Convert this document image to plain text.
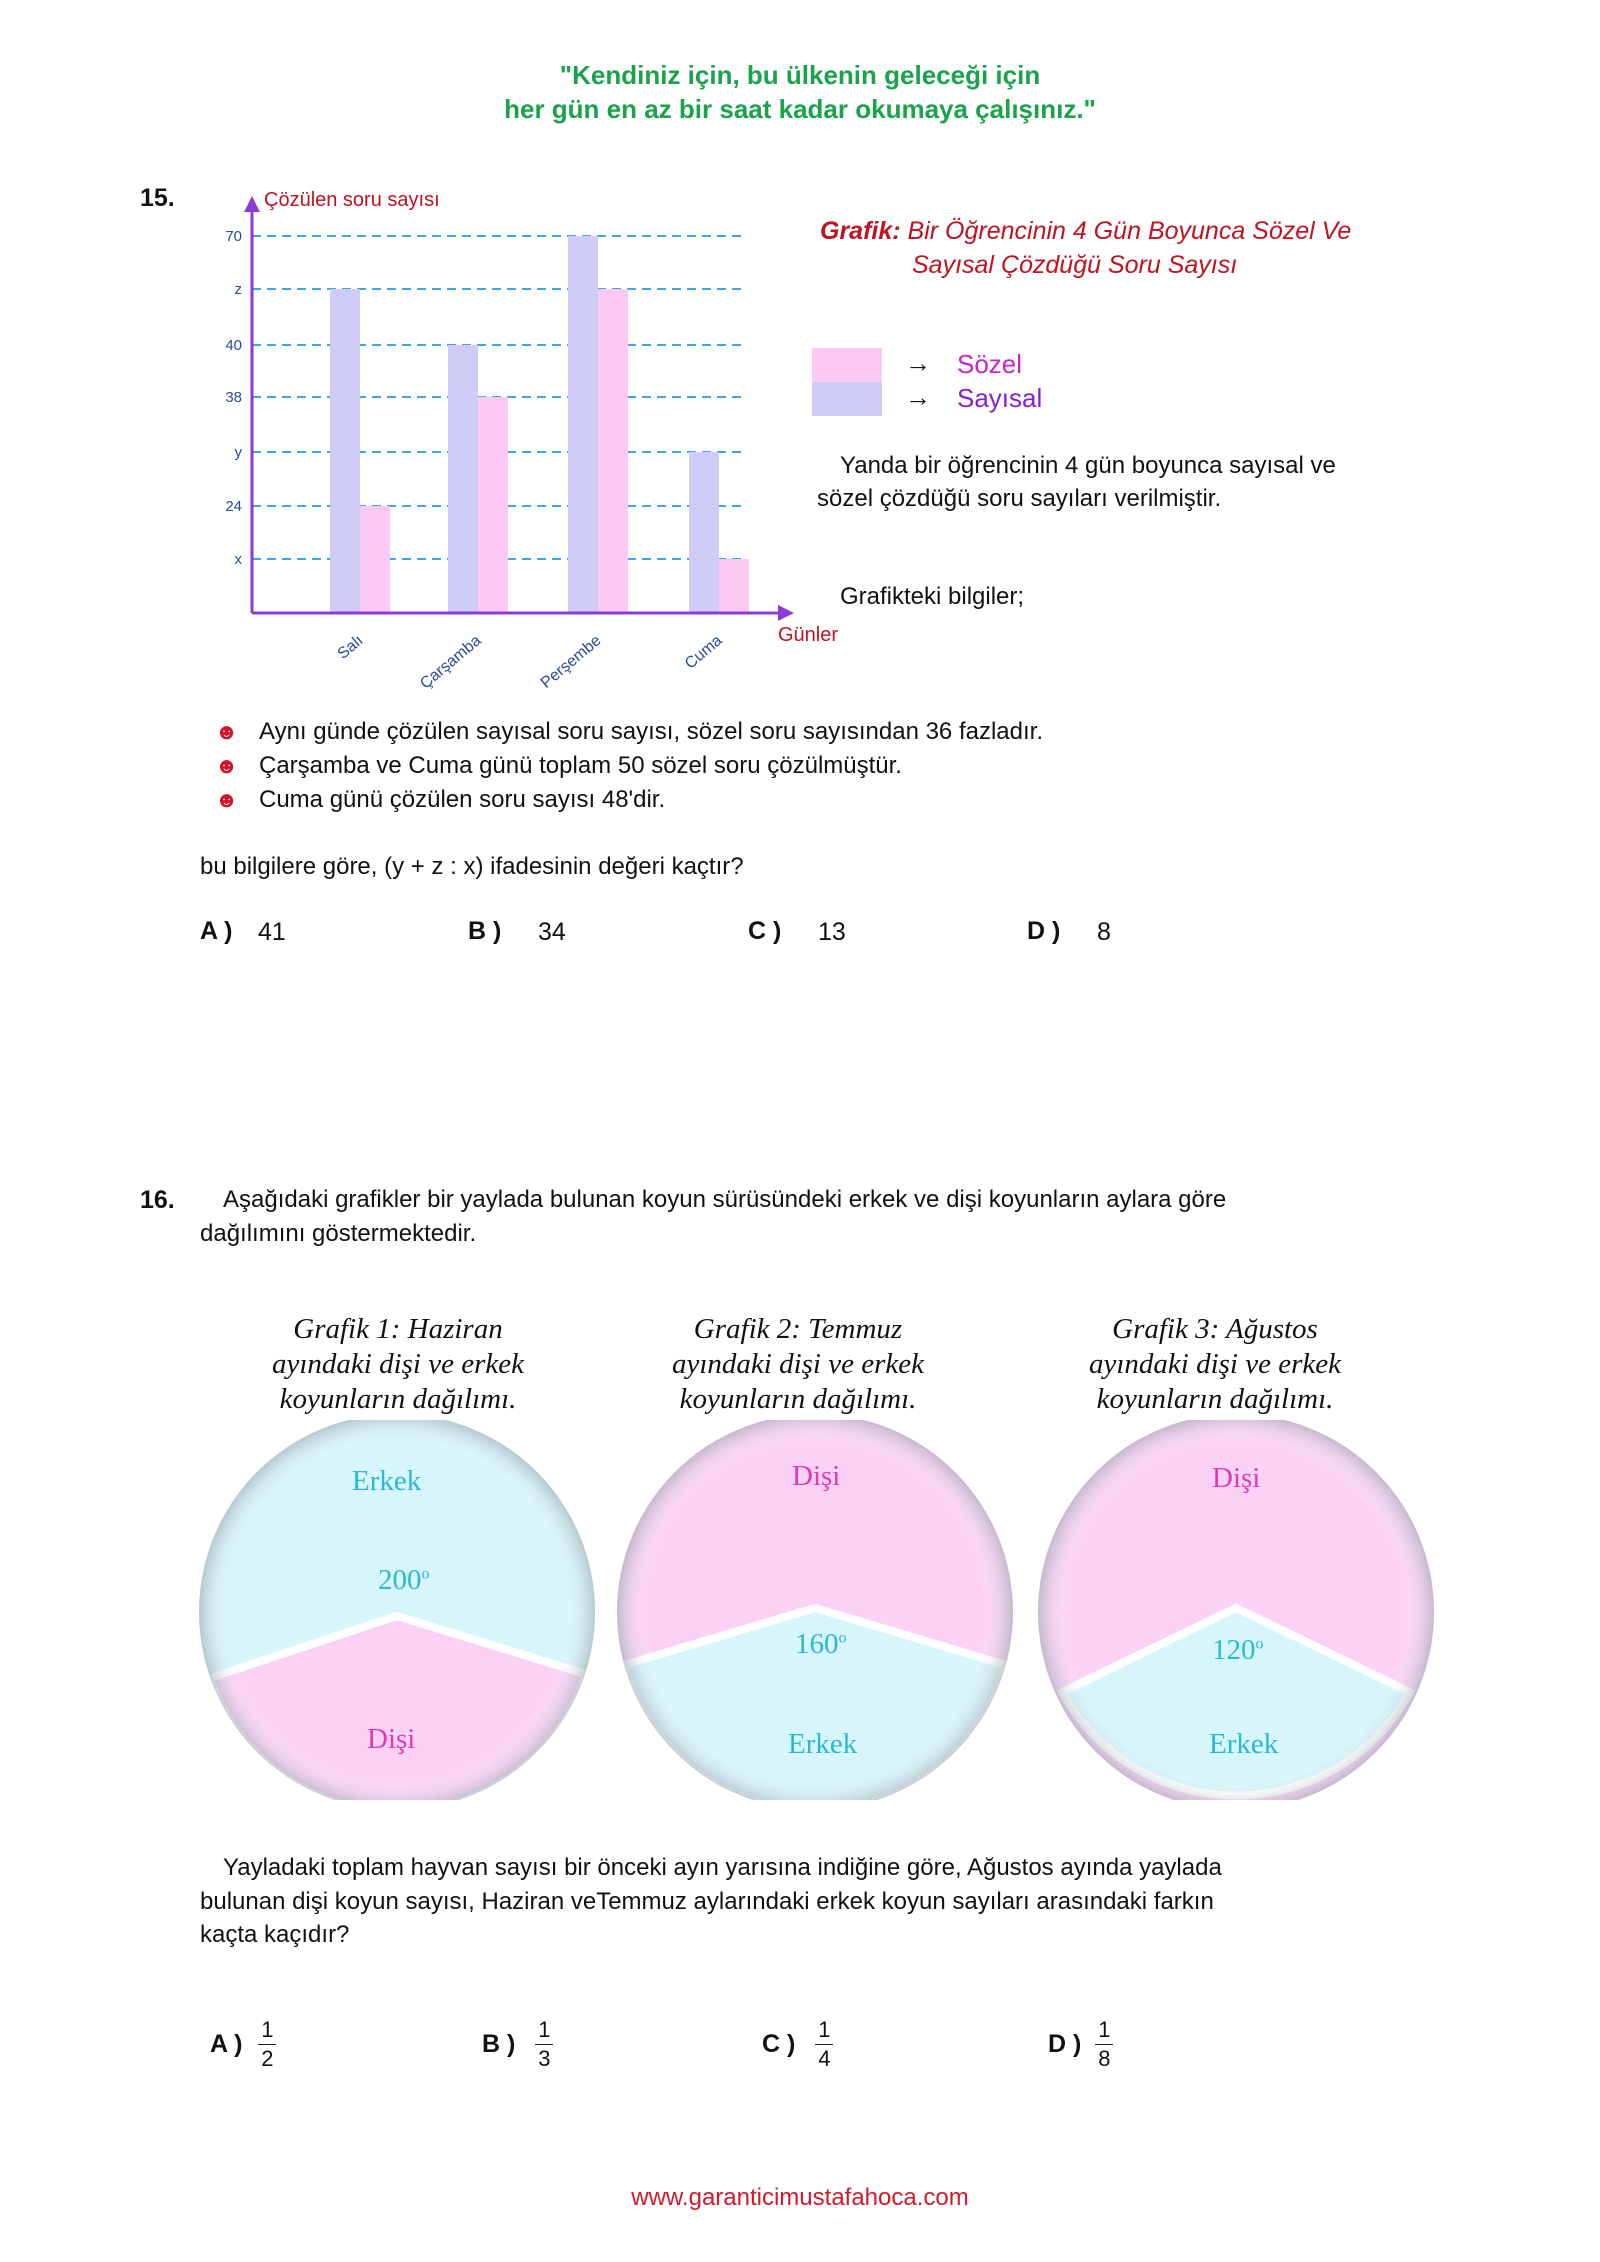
"Kendiniz için, bu ülkenin geleceği için
her gün en az bir saat kadar okumaya çalışınız."
15.
x
24
y
38
40
z
70
Salı	Çarşamba	Perşembe	Cuma
Çözülen soru sayısı
Günler
Grafik: Bir Öğrencinin 4 Gün Boyunca Sözel Ve
Sayısal Çözdüğü Soru Sayısı
→
→
Sözel
Sayısal
Yanda bir öğrencinin 4 gün boyunca sayısal ve
sözel çözdüğü soru sayıları verilmiştir.
Grafikteki bilgiler;
☻ Aynı günde çözülen sayısal soru sayısı, sözel soru sayısından 36 fazladır.
☻ Çarşamba ve Cuma günü toplam 50 sözel soru çözülmüştür.
☻ Cuma günü çözülen soru sayısı 48'dir.
bu bilgilere göre, (y + z : x) ifadesinin değeri kaçtır?
A ) 41	B ) 34	C ) 13	D ) 8
16. Aşağıdaki grafikler bir yaylada bulunan koyun sürüsündeki erkek ve dişi koyunların aylara göre
dağılımını göstermektedir.
Grafik 1: Haziran
ayındaki dişi ve erkek
koyunların dağılımı.
Grafik 2: Temmuz
ayındaki dişi ve erkek
koyunların dağılımı.
Grafik 3: Ağustos
ayındaki dişi ve erkek
koyunların dağılımı.
Erkek
200$^o$
Dişi
Dişi
160$^o$
Erkek
Dişi
120$^o$
Erkek
Yayladaki toplam hayvan sayısı bir önceki ayın yarısına indiğine göre, Ağustos ayında yaylada
bulunan dişi koyun sayısı, Haziran veTemmuz aylarındaki erkek koyun sayıları arasındaki farkın
kaçta kaçıdır?
A ) $\frac{1}{2}$	B ) $\frac{1}{3}$	C ) $\frac{1}{4}$	D ) $\frac{1}{8}$
www.garanticimustafahoca.com
